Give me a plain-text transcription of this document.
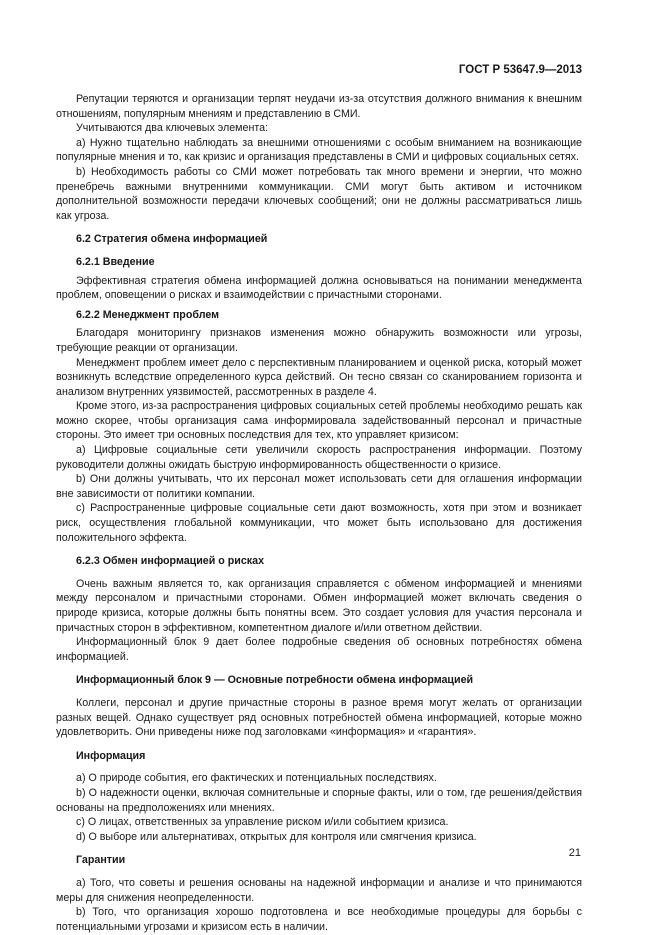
ГОСТ Р 53647.9—2013

Репутации теряются и организации терпят неудачи из-за отсутствия должного внимания к внешним отношениям, популярным мнениям и представлению в СМИ.

Учитываются два ключевых элемента:

а) Нужно тщательно наблюдать за внешними отношениями с особым вниманием на возникающие популярные мнения и то, как кризис и организация представлены в СМИ и цифровых социальных сетях.

b) Необходимость работы со СМИ может потребовать так много времени и энергии, что можно пренебречь важными внутренними коммуникации. СМИ могут быть активом и источником дополнительной возможности передачи ключевых сообщений; они не должны рассматриваться лишь как угроза.

6.2 Стратегия обмена информацией

6.2.1 Введение

Эффективная стратегия обмена информацией должна основываться на понимании менеджмента проблем, оповещении о рисках и взаимодействии с причастными сторонами.

6.2.2 Менеджмент проблем

Благодаря мониторингу признаков изменения можно обнаружить возможности или угрозы, требующие реакции от организации.

Менеджмент проблем имеет дело с перспективным планированием и оценкой риска, который может возникнуть вследствие определенного курса действий. Он тесно связан со сканированием горизонта и анализом внутренних уязвимостей, рассмотренных в разделе 4.

Кроме этого, из-за распространения цифровых социальных сетей проблемы необходимо решать как можно скорее, чтобы организация сама информировала задействованный персонал и причастные стороны. Это имеет три основных последствия для тех, кто управляет кризисом:

а) Цифровые социальные сети увеличили скорость распространения информации. Поэтому руководители должны ожидать быструю информированность общественности о кризисе.

b) Они должны учитывать, что их персонал может использовать сети для оглашения информации вне зависимости от политики компании.

c) Распространенные цифровые социальные сети дают возможность, хотя при этом и возникает риск, осуществления глобальной коммуникации, что может быть использовано для достижения положительного эффекта.

6.2.3 Обмен информацией о рисках

Очень важным является то, как организация справляется с обменом информацией и мнениями между персоналом и причастными сторонами. Обмен информацией может включать сведения о природе кризиса, которые должны быть понятны всем. Это создает условия для участия персонала и причастных сторон в эффективном, компетентном диалоге и/или ответном действии.

Информационный блок 9 дает более подробные сведения об основных потребностях обмена информацией.

Информационный блок 9 — Основные потребности обмена информацией

Коллеги, персонал и другие причастные стороны в разное время могут желать от организации разных вещей. Однако существует ряд основных потребностей обмена информацией, которые можно удовлетворить. Они приведены ниже под заголовками «информация» и «гарантия».

Информация

а) О природе события, его фактических и потенциальных последствиях.

b) О надежности оценки, включая сомнительные и спорные факты, или о том, где решения/действия основаны на предположениях или мнениях.

c) О лицах, ответственных за управление риском и/или событием кризиса.

d) О выборе или альтернативах, открытых для контроля или смягчения кризиса.

Гарантии

а) Того, что советы и решения основаны на надежной информации и анализе и что принимаются меры для снижения неопределенности.

b) Того, что организация хорошо подготовлена и все необходимые процедуры для борьбы с потенциальными угрозами и кризисом есть в наличии.

21
